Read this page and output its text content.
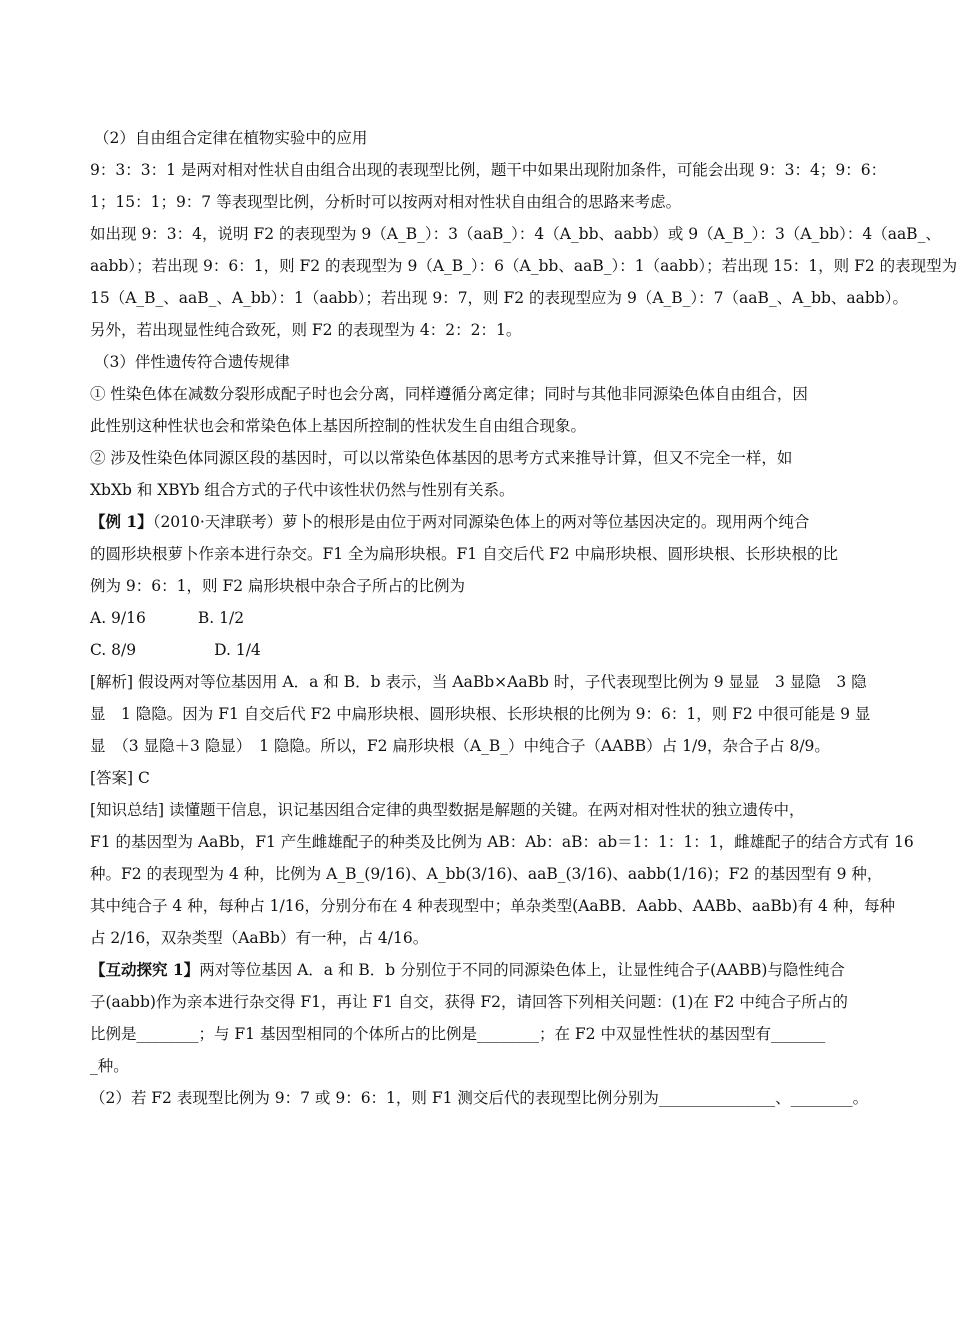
（2）自由组合定律在植物实验中的应用
9：3：3：1 是两对相对性状自由组合出现的表现型比例，题干中如果出现附加条件，可能会出现 9：3：4；9：6：
1；15：1；9：7 等表现型比例，分析时可以按两对相对性状自由组合的思路来考虑。
如出现 9：3：4，说明 F2 的表现型为 9（A_B_）：3（aaB_）：4（A_bb、aabb）或 9（A_B_）：3（A_bb）：4（aaB_、
aabb）；若出现 9：6：1，则 F2 的表现型为 9（A_B_）：6（A_bb、aaB_）：1（aabb）；若出现 15：1，则 F2 的表现型为
15（A_B_、aaB_、A_bb）：1（aabb）；若出现 9：7，则 F2 的表现型应为 9（A_B_）：7（aaB_、A_bb、aabb）。
另外，若出现显性纯合致死，则 F2 的表现型为 4：2：2：1。
（3）伴性遗传符合遗传规律
① 性染色体在减数分裂形成配子时也会分离，同样遵循分离定律；同时与其他非同源染色体自由组合，因
此性别这种性状也会和常染色体上基因所控制的性状发生自由组合现象。
② 涉及性染色体同源区段的基因时，可以以常染色体基因的思考方式来推导计算，但又不完全一样，如
XbXb 和 XBYb 组合方式的子代中该性状仍然与性别有关系。
【例 1】（2010·天津联考）萝卜的根形是由位于两对同源染色体上的两对等位基因决定的。现用两个纯合
的圆形块根萝卜作亲本进行杂交。F1 全为扁形块根。F1 自交后代 F2 中扁形块根、圆形块根、长形块根的比
例为 9：6：1，则 F2 扁形块根中杂合子所占的比例为
A. 9/16	B. 1/2
C. 8/9	D. 1/4
[解析] 假设两对等位基因用 A．a 和 B．b 表示，当 AaBb×AaBb 时，子代表现型比例为 9 显显　3 显隐　3 隐
显　1 隐隐。因为 F1 自交后代 F2 中扁形块根、圆形块根、长形块根的比例为 9：6：1，则 F2 中很可能是 9 显
显　（3 显隐＋3 隐显）　1 隐隐。所以，F2 扁形块根（A_B_）中纯合子（AABB）占 1/9，杂合子占 8/9。
[答案] C
[知识总结] 读懂题干信息，识记基因组合定律的典型数据是解题的关键。在两对相对性状的独立遗传中，
F1 的基因型为 AaBb，F1 产生雌雄配子的种类及比例为 AB：Ab：aB：ab＝1：1：1：1，雌雄配子的结合方式有 16
种。F2 的表现型为 4 种，比例为 A_B_(9/16)、A_bb(3/16)、aaB_(3/16)、aabb(1/16)；F2 的基因型有 9 种，
其中纯合子 4 种，每种占 1/16，分别分布在 4 种表现型中；单杂类型(AaBB．Aabb、AABb、aaBb)有 4 种，每种
占 2/16，双杂类型（AaBb）有一种，占 4/16。
【互动探究 1】两对等位基因 A．a 和 B．b 分别位于不同的同源染色体上，让显性纯合子(AABB)与隐性纯合
子(aabb)作为亲本进行杂交得 F1，再让 F1 自交，获得 F2，请回答下列相关问题：(1)在 F2 中纯合子所占的
比例是________；与 F1 基因型相同的个体所占的比例是________；在 F2 中双显性性状的基因型有_______
_种。
（2）若 F2 表现型比例为 9：7 或 9：6：1，则 F1 测交后代的表现型比例分别为_______________、________。
